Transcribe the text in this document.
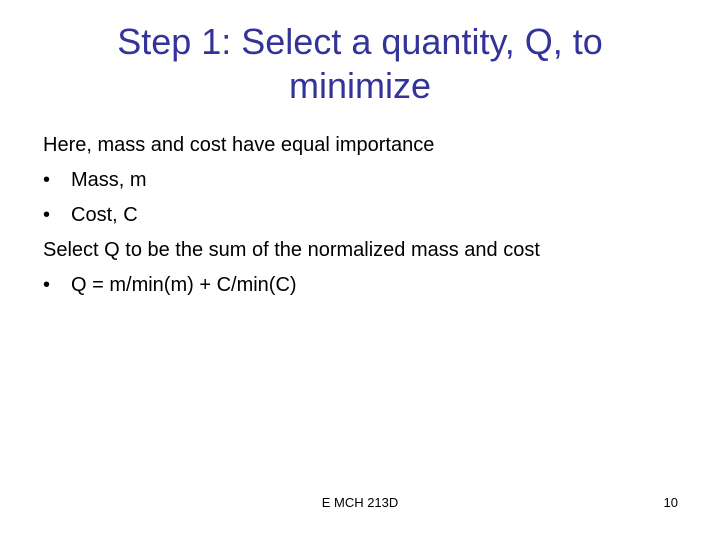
Step 1: Select a quantity, Q, to
minimize
Here, mass and cost have equal importance
•	Mass, m
•	Cost, C
Select Q to be the sum of the normalized mass and cost
•	Q = m/min(m) + C/min(C)
E MCH 213D	10
